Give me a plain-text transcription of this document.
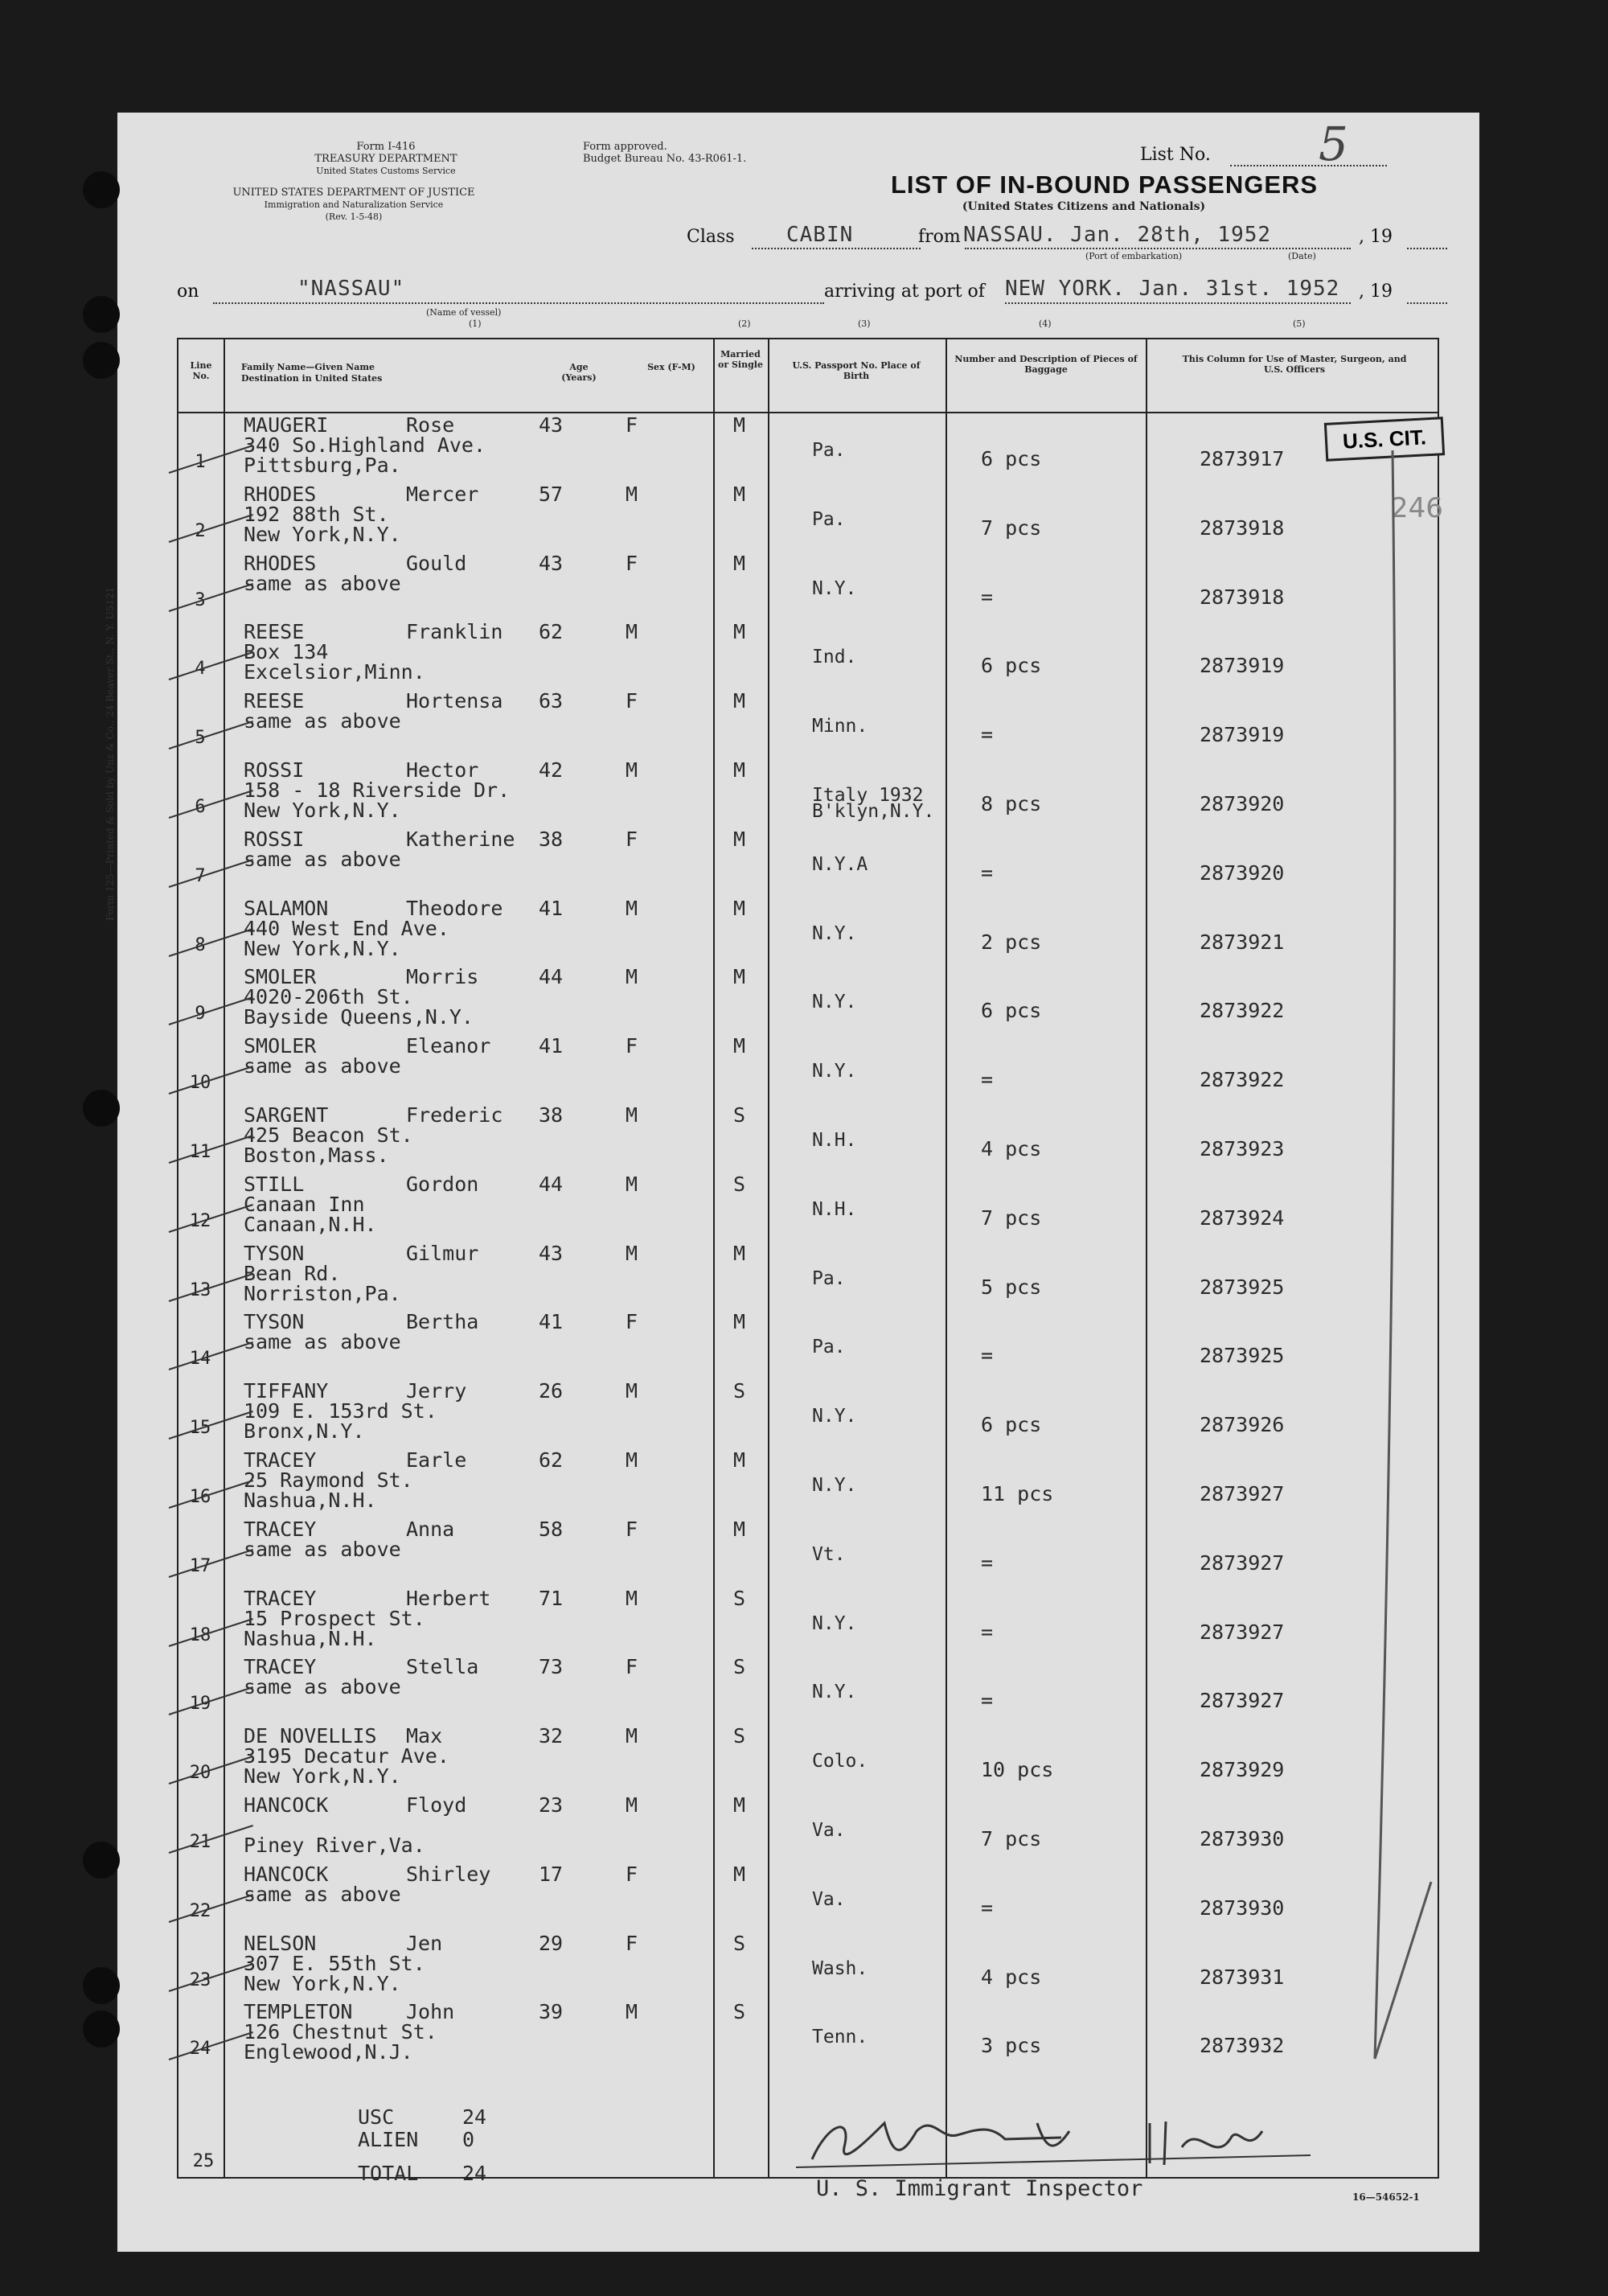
Form 125—Printed & Sold by Unz & Co., 24 Beaver St., N. Y. U5121
Form I-416
TREASURY DEPARTMENT
United States Customs Service
UNITED STATES DEPARTMENT OF JUSTICE
Immigration and Naturalization Service
(Rev. 1-5-48)
Form approved.
Budget Bureau No. 43-R061-1.	List No. 5
LIST OF IN-BOUND PASSENGERS
(United States Citizens and Nationals)
Class CABIN	from NASSAU. Jan. 28th, 1952
(Port of embarkation)
, 19
on	"NASSAU"
(Name of vessel)
arriving at port of NEW YORK. Jan. 31st. 1952 , 19
(1)	(2)	(3)	(4)	(5)
(Date)
Line No.
Family Name—Given Name
Destination in United States
Age (Years)
Sex (F-M)
Married or Single	U.S. Passport No. Place of Birth
Number and Description of Pieces of Baggage
This Column for Use of Master, Surgeon, and U.S. Officers
U.S. CIT.
246
1
MAUGERI	Rose
340 So.Highland Ave.
Pittsburg,Pa.
43	F	M
Pa.	6 pcs	2873917
2
RHODES	Mercer
192 88th St.
New York,N.Y.
57	M	M
Pa.	7 pcs	2873918
3
RHODES	Gould
same as above
43	F	M
N.Y.	=	2873918
4
REESE	Franklin
Box 134
Excelsior,Minn.
62	M	M
Ind.	6 pcs	2873919
5
REESE	Hortensa
same as above
63	F	M
Minn.	=	2873919
6
ROSSI	Hector
158 - 18 Riverside Dr.
New York,N.Y.
42	M	M
Italy 1932 B'klyn,N.Y. 8 pcs	2873920
7
ROSSI	Katherine
same as above
38	F	M
N.Y.A	=	2873920
8
SALAMON	Theodore
440 West End Ave.
New York,N.Y.
41	M	M
N.Y.	2 pcs	2873921
9
SMOLER	Morris
4020-206th St.
Bayside Queens,N.Y.
44	M	M
N.Y.	6 pcs	2873922
10
SMOLER	Eleanor
same as above
41	F	M
N.Y.	=	2873922
11
SARGENT	Frederic
425 Beacon St.
Boston,Mass.
38	M	S
N.H.	4 pcs	2873923
12
STILL	Gordon
Canaan Inn
Canaan,N.H.
44	M	S
N.H.	7 pcs	2873924
13
TYSON	Gilmur
Bean Rd.
Norriston,Pa.
43	M	M
Pa.	5 pcs	2873925
14
TYSON	Bertha
same as above
41	F	M
Pa.	=	2873925
15
TIFFANY	Jerry
109 E. 153rd St.
Bronx,N.Y.
26	M	S
N.Y.	6 pcs	2873926
16
TRACEY	Earle
25 Raymond St.
Nashua,N.H.
62	M	M
N.Y.	11 pcs	2873927
17
TRACEY	Anna
same as above
58	F	M
Vt.	=	2873927
18
TRACEY	Herbert
15 Prospect St.
Nashua,N.H.
71	M	S
N.Y.	=	2873927
19
TRACEY	Stella
same as above
73	F	S
N.Y.	=	2873927
20
DE NOVELLIS Max
3195 Decatur Ave.
New York,N.Y.
32	M	S
Colo.	10 pcs	2873929
21
HANCOCK	Floyd
Piney River,Va.
23	M	M
Va.	7 pcs	2873930
22
HANCOCK	Shirley
same as above
17	F	M
Va.	=	2873930
23
NELSON	Jen
307 E. 55th St.
New York,N.Y.
29	F	S
Wash.	4 pcs	2873931
24
TEMPLETON	John
126 Chestnut St.
Englewood,N.J.
39	M	S
Tenn.	3 pcs	2873932
25
USC	24
ALIEN 0
TOTAL 24
U. S. Immigrant Inspector	16—54652-1
